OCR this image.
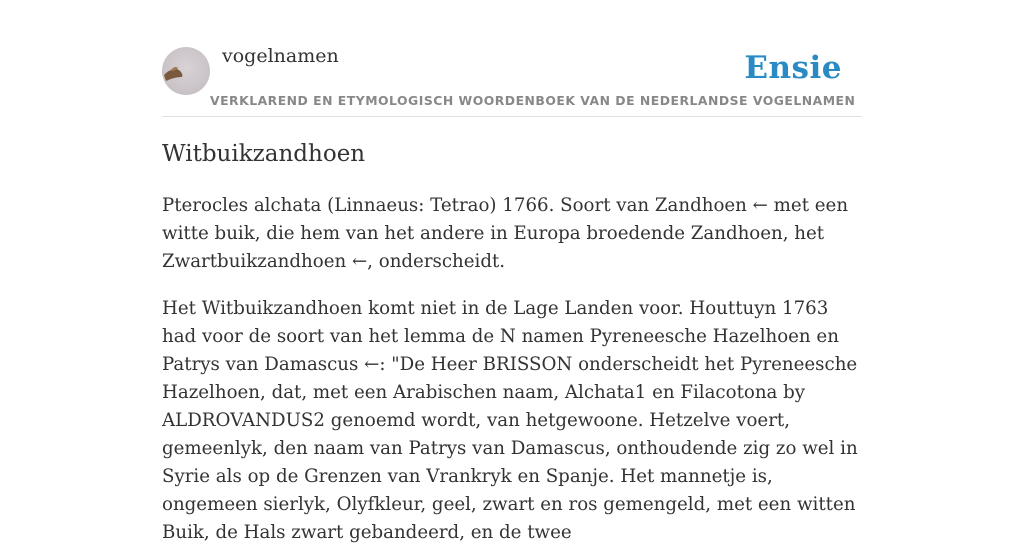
vogelnamen	Ensie
VERKLAREND EN ETYMOLOGISCH WOORDENBOEK VAN DE NEDERLANDSE VOGELNAMEN
Witbuikzandhoen

Pterocles alchata (Linnaeus: Tetrao) 1766. Soort van Zandhoen ← met een witte buik, die hem van het andere in Europa broedende Zandhoen, het Zwartbuikzandhoen ←, onderscheidt.

Het Witbuikzandhoen komt niet in de Lage Landen voor. Houttuyn 1763 had voor de soort van het lemma de N namen Pyreneesche Hazelhoen en Patrys van Damascus ←: "De Heer BRISSON onderscheidt het Pyreneesche Hazelhoen, dat, met een Arabischen naam, Alchata1 en Filacotona by ALDROVANDUS2 genoemd wordt, van hetgewoone. Hetzelve voert, gemeenlyk, den naam van Patrys van Damascus, onthoudende zig zo wel in Syrie als op de Grenzen van Vrankryk en Spanje. Het mannetje is, ongemeen sierlyk, Olyfkleur, geel, zwart en ros gemengeld, met een witten Buik, de Hals zwart gebandeerd, en de twee
